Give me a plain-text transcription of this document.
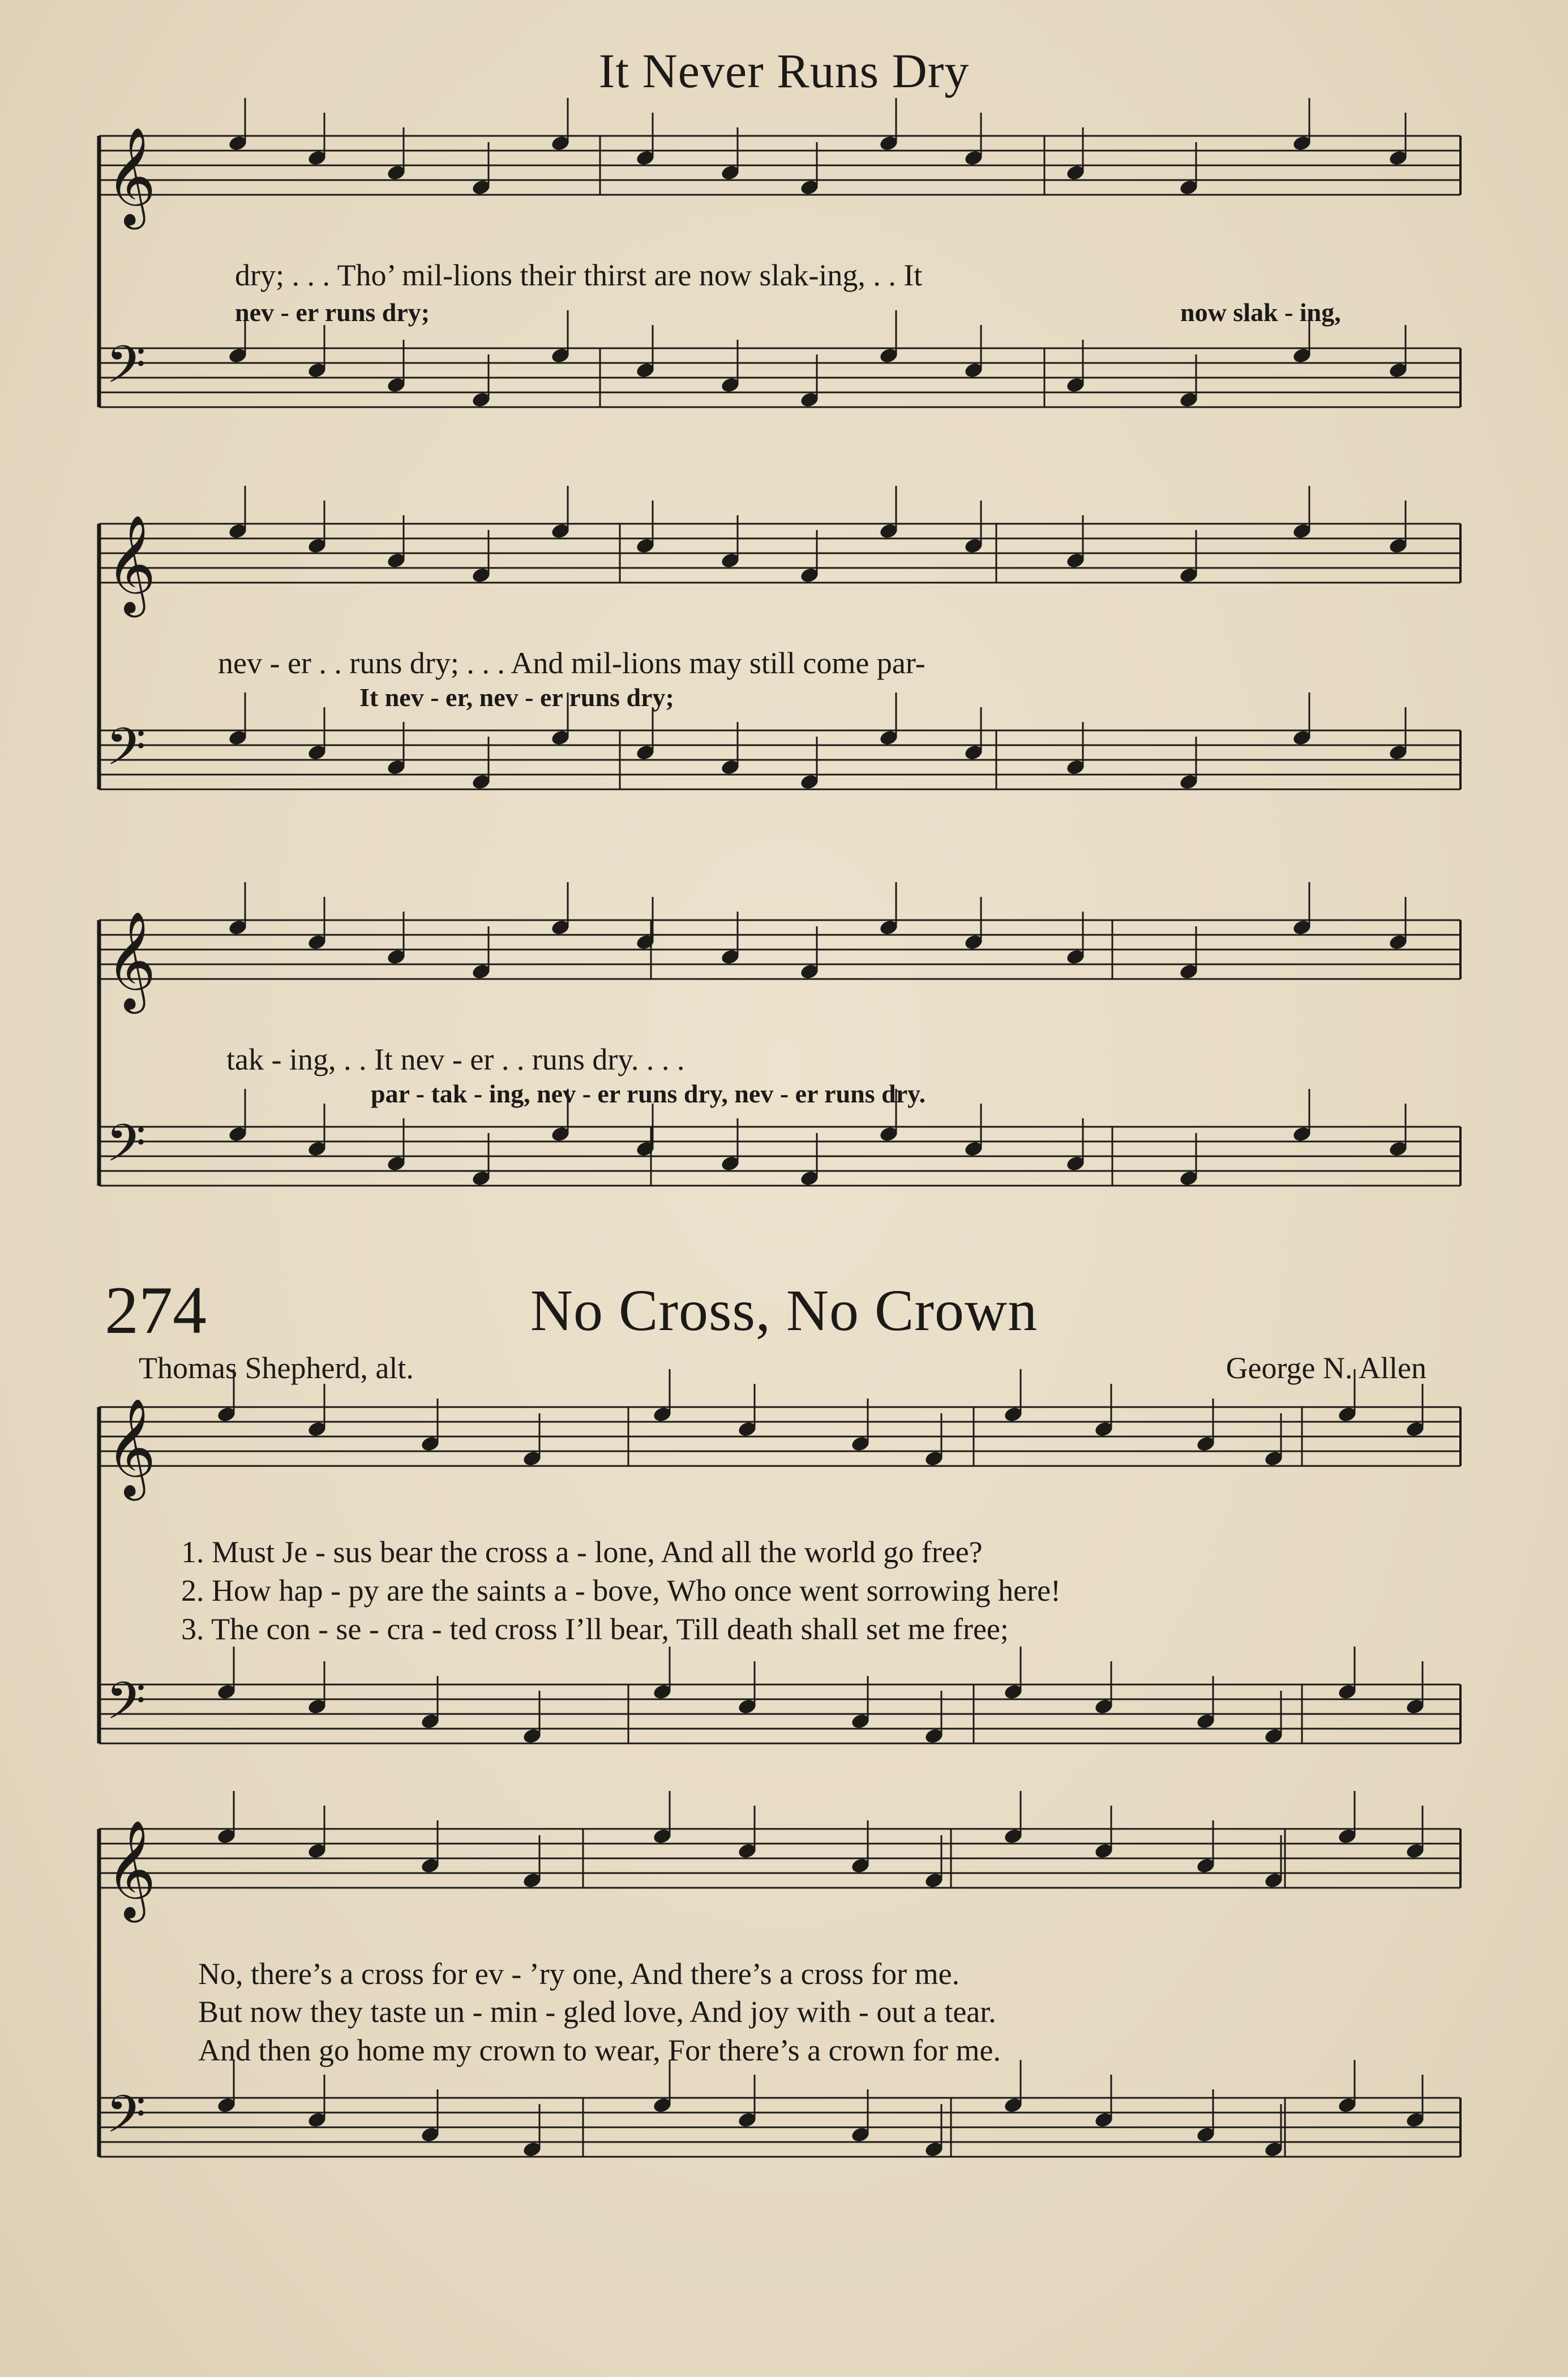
𝄞
𝄢
𝄞
𝄢
𝄞
𝄢
𝄞
𝄢
𝄞
𝄢
It Never Runs Dry
dry; . . . Tho’ mil-lions their thirst are now slak-ing, . . It
nev - er runs dry;	now slak - ing,
nev - er . . runs dry; . . . And mil-lions may still come par-
It nev - er, nev - er runs dry;
tak - ing, . . It nev - er . . runs dry. . . .
par - tak - ing, nev - er runs dry, nev - er runs dry.
274	No Cross, No Crown
Thomas Shepherd, alt.	George N. Allen
1. Must Je - sus bear the cross a - lone, And all the world go free?
2. How hap - py are the saints a - bove, Who once went sorrowing here!
3. The con - se - cra - ted cross I’ll bear, Till death shall set me free;
No, there’s a cross for ev - ’ry one, And there’s a cross for me.
But now they taste un - min - gled love, And joy with - out a tear.
And then go home my crown to wear, For there’s a crown for me.
